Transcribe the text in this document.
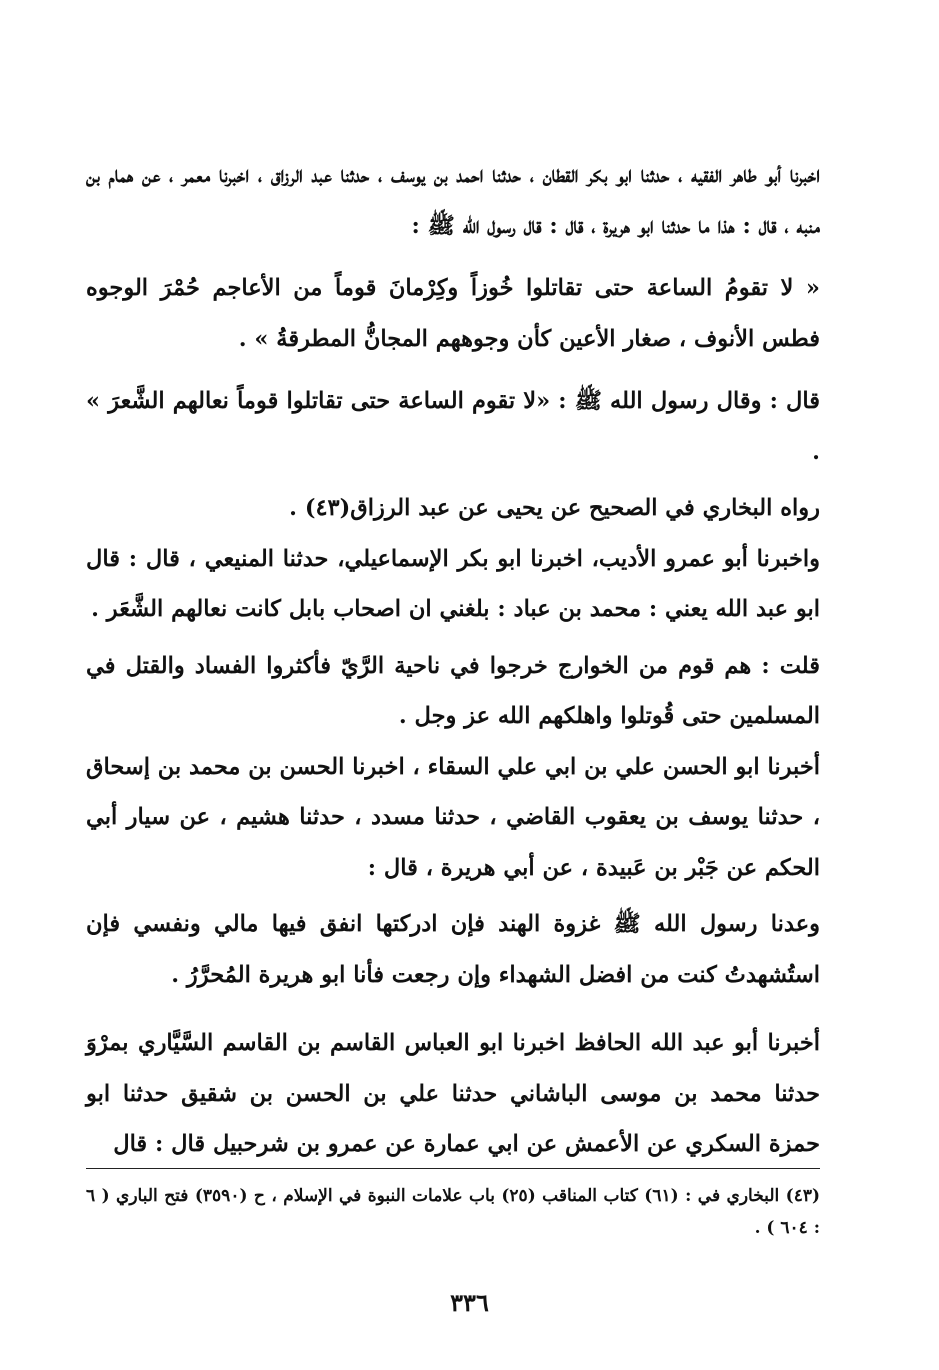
اخبرنا أبو طاهر الفقيه ، حدثنا ابو بكر القطان ، حدثنا احمد بن يوسف ، حدثنا عبد الرزاق ، اخبرنا معمر ، عن همام بن منبه ، قال : هذا ما حدثنا ابو هريرة ، قال : قال رسول الله ﷺ :

« لا تقومُ الساعة حتى تقاتلوا خُوزاً وكِرْمانَ قوماً من الأعاجم حُمْرَ الوجوه فطس الأنوف ، صغار الأعين كأن وجوههم المجانُّ المطرقةُ » .

قال : وقال رسول الله ﷺ : «لا تقوم الساعة حتى تقاتلوا قوماً نعالهم الشَّعرَ » .

رواه البخاري في الصحيح عن يحيى عن عبد الرزاق(٤٣) .

واخبرنا أبو عمرو الأديب، اخبرنا ابو بكر الإسماعيلي، حدثنا المنيعي ، قال : قال ابو عبد الله يعني : محمد بن عباد : بلغني ان اصحاب بابل كانت نعالهم الشَّعَر .

قلت : هم قوم من الخوارج خرجوا في ناحية الرَّيّ فأكثروا الفساد والقتل في المسلمين حتى قُوتلوا واهلكهم الله عز وجل .

أخبرنا ابو الحسن علي بن ابي علي السقاء ، اخبرنا الحسن بن محمد بن إسحاق ، حدثنا يوسف بن يعقوب القاضي ، حدثنا مسدد ، حدثنا هشيم ، عن سيار أبي الحكم عن جَبْر بن عَبيدة ، عن أبي هريرة ، قال :

وعدنا رسول الله ﷺ غزوة الهند فإن ادركتها انفق فيها مالي ونفسي فإن استُشهدتُ كنت من افضل الشهداء وإن رجعت فأنا ابو هريرة المُحرَّرُ .

أخبرنا أبو عبد الله الحافظ اخبرنا ابو العباس القاسم بن القاسم السَّيَّاري بمرْوَ حدثنا محمد بن موسى الباشاني حدثنا علي بن الحسن بن شقيق حدثنا ابو حمزة السكري عن الأعمش عن ابي عمارة عن عمرو بن شرحبيل قال : قال

(٤٣) البخاري في : (٦١) كتاب المناقب (٢٥) باب علامات النبوة في الإسلام ، ح (٣٥٩٠) فتح الباري ( ٦ : ٦٠٤ ) .

٣٣٦
